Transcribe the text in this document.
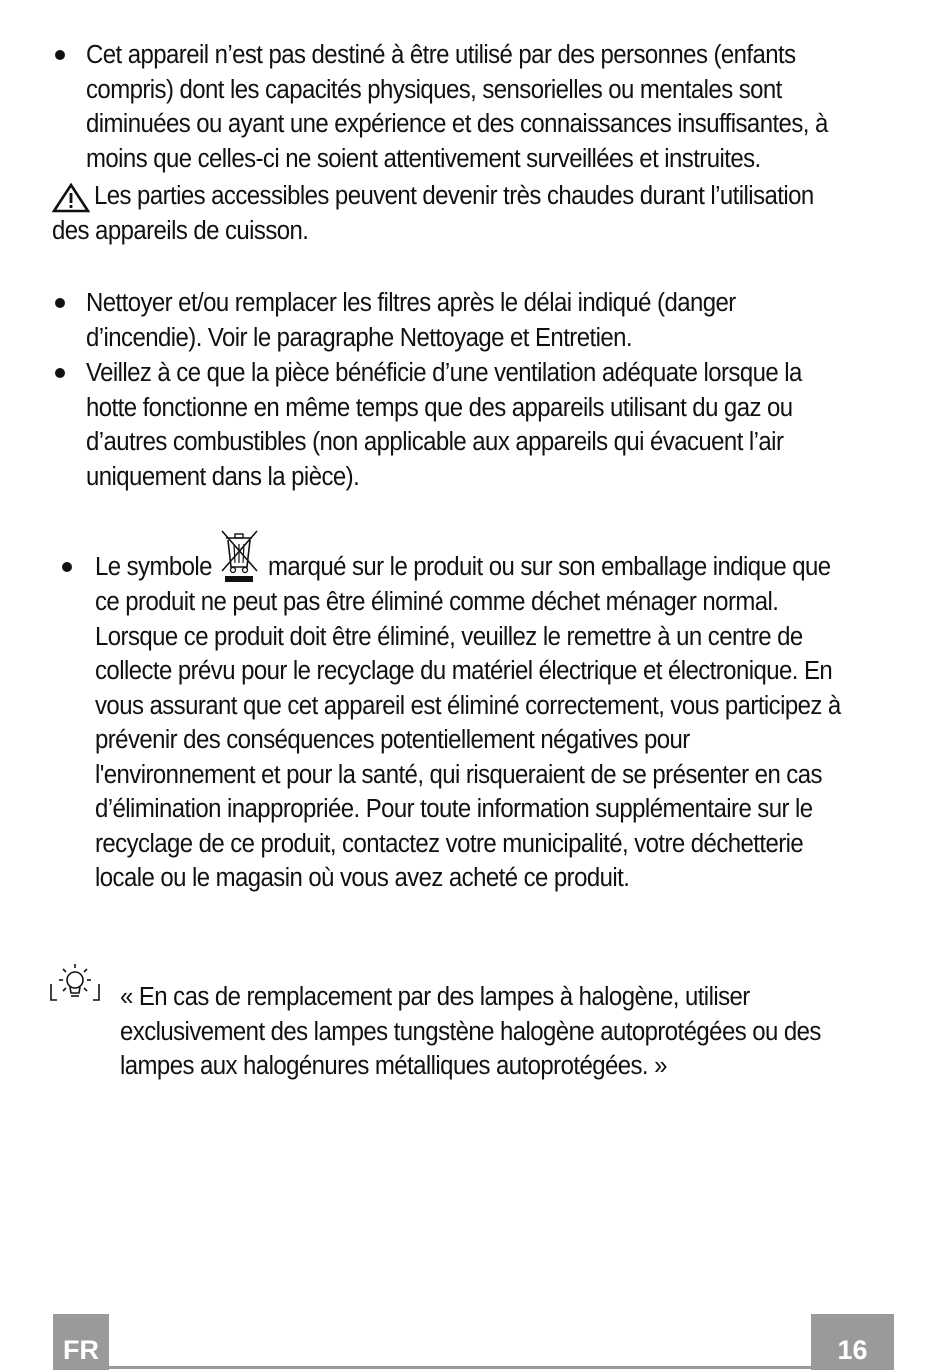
Cet appareil n’est pas destiné à être utilisé par des personnes (enfants
compris) dont les capacités physiques, sensorielles ou mentales sont
diminuées ou ayant une expérience et des connaissances insuffisantes, à
moins que celles-ci ne soient attentivement surveillées et instruites.
Les parties accessibles peuvent devenir très chaudes durant l’utilisation
des appareils de cuisson.
Nettoyer et/ou remplacer les filtres après le délai indiqué (danger
d’incendie). Voir le paragraphe Nettoyage et Entretien.
Veillez à ce que la pièce bénéficie d’une ventilation adéquate lorsque la
hotte fonctionne en même temps que des appareils utilisant du gaz ou
d’autres combustibles (non applicable aux appareils qui évacuent l’air
uniquement dans la pièce).
Le symbole	marqué sur le produit ou sur son emballage indique que
ce produit ne peut pas être éliminé comme déchet ménager normal.
Lorsque ce produit doit être éliminé, veuillez le remettre à un centre de
collecte prévu pour le recyclage du matériel électrique et électronique. En
vous assurant que cet appareil est éliminé correctement, vous participez à
prévenir des conséquences potentiellement négatives pour
l'environnement et pour la santé, qui risqueraient de se présenter en cas
d’élimination inappropriée. Pour toute information supplémentaire sur le
recyclage de ce produit, contactez votre municipalité, votre déchetterie
locale ou le magasin où vous avez acheté ce produit.
« En cas de remplacement par des lampes à halogène, utiliser
exclusivement des lampes tungstène halogène autoprotégées ou des
lampes aux halogénures métalliques autoprotégées. »
FR	16
